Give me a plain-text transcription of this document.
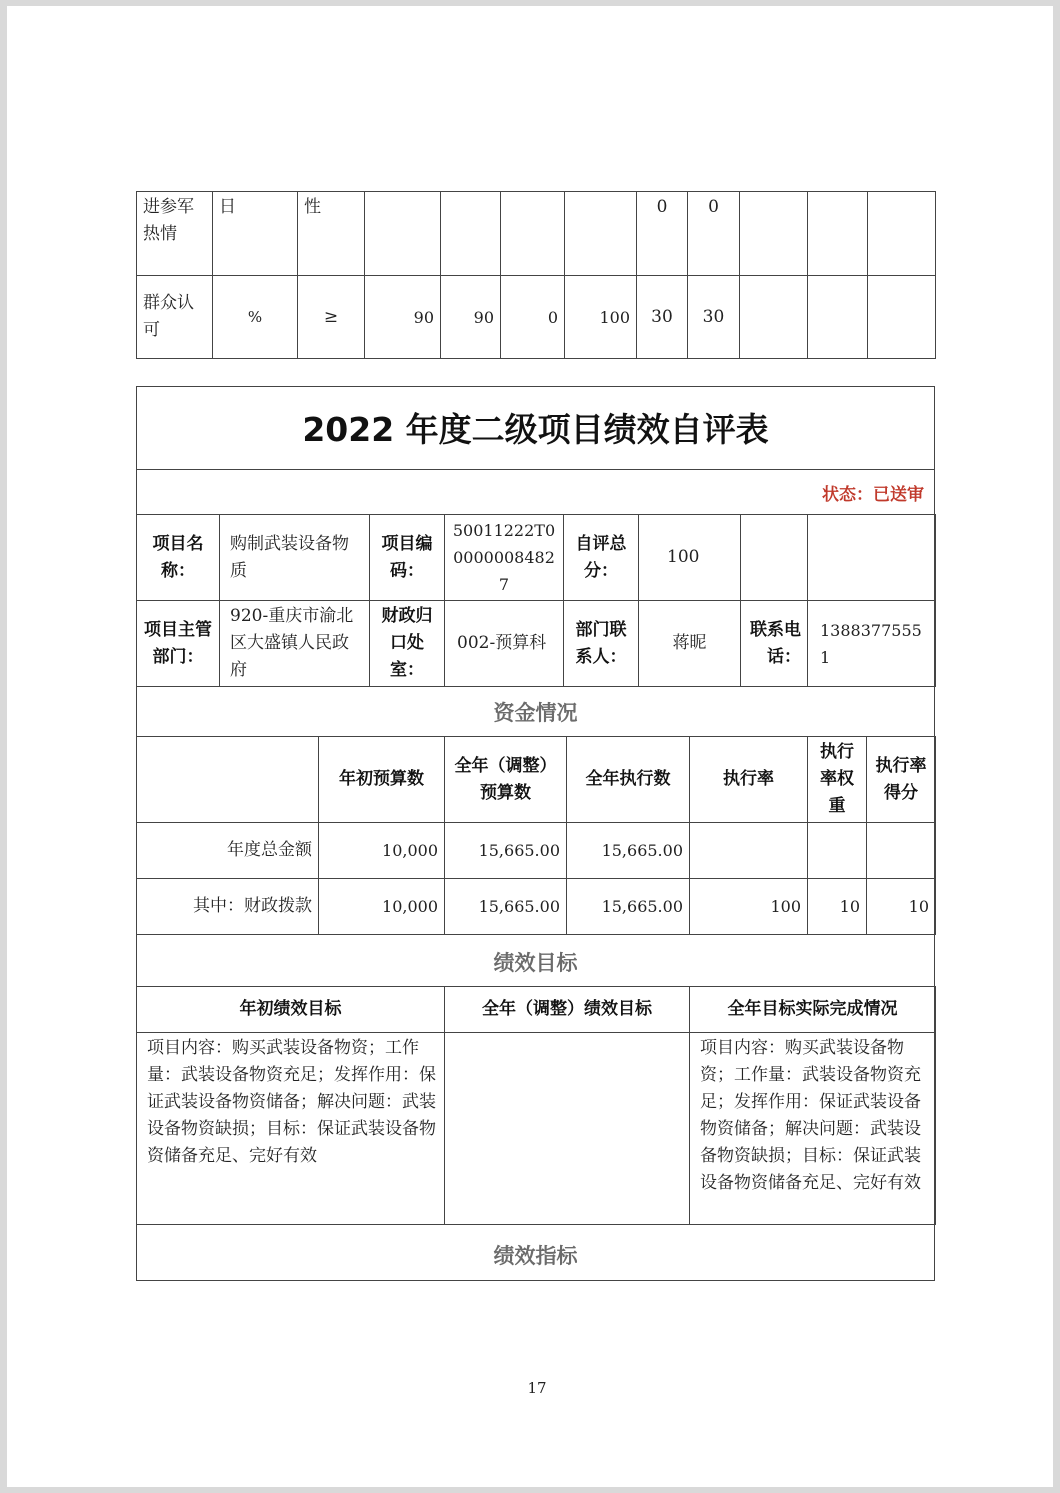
进参军热情	日	性					0	0			
群众认可	%	≥	90	90	0	100	30	30			
2022 年度二级项目绩效自评表
状态：已送审
项目名称：	购制武装设备物质	项目编码：	50011222T000000084827	自评总分：	100		
项目主管部门：	920-重庆市渝北区大盛镇人民政府	财政归口处室：	002-预算科	部门联系人：	蒋昵	联系电话：	13883775551
资金情况
	年初预算数	全年（调整）预算数	全年执行数	执行率	执行率权重	执行率得分
年度总金额	10,000	15,665.00	15,665.00			
其中：财政拨款	10,000	15,665.00	15,665.00	100	10	10
绩效目标
年初绩效目标	全年（调整）绩效目标	全年目标实际完成情况
项目内容：购买武装设备物资；工作量：武装设备物资充足；发挥作用：保证武装设备物资储备；解决问题：武装设备物资缺损；目标：保证武装设备物资储备充足、完好有效		项目内容：购买武装设备物资；工作量：武装设备物资充足；发挥作用：保证武装设备物资储备；解决问题：武装设备物资缺损；目标：保证武装设备物资储备充足、完好有效
绩效指标
17
